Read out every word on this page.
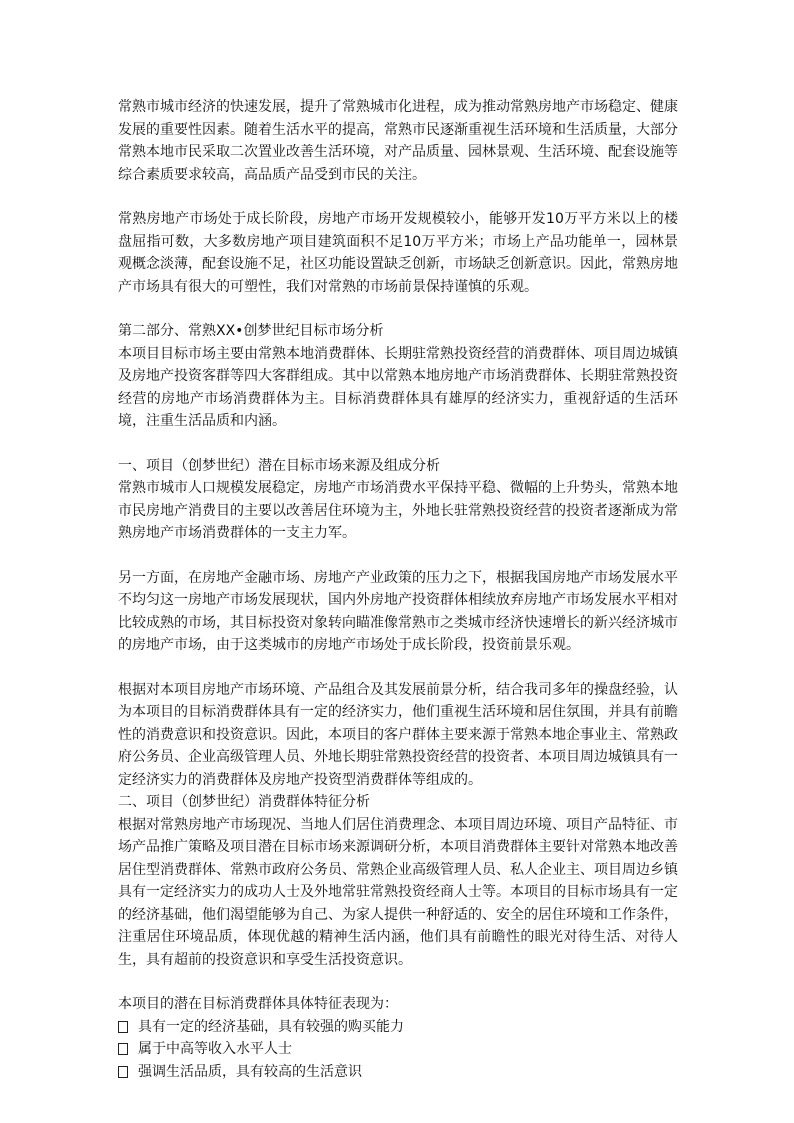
常熟市城市经济的快速发展，提升了常熟城市化进程，成为推动常熟房地产市场稳定、健康发展的重要性因素。随着生活水平的提高，常熟市民逐渐重视生活环境和生活质量，大部分常熟本地市民采取二次置业改善生活环境，对产品质量、园林景观、生活环境、配套设施等综合素质要求较高，高品质产品受到市民的关注。

常熟房地产市场处于成长阶段，房地产市场开发规模较小，能够开发10万平方米以上的楼盘屈指可数，大多数房地产项目建筑面积不足10万平方米；市场上产品功能单一，园林景观概念淡薄，配套设施不足，社区功能设置缺乏创新，市场缺乏创新意识。因此，常熟房地产市场具有很大的可塑性，我们对常熟的市场前景保持谨慎的乐观。

第二部分、常熟XX•创梦世纪目标市场分析

本项目目标市场主要由常熟本地消费群体、长期驻常熟投资经营的消费群体、项目周边城镇及房地产投资客群等四大客群组成。其中以常熟本地房地产市场消费群体、长期驻常熟投资经营的房地产市场消费群体为主。目标消费群体具有雄厚的经济实力，重视舒适的生活环境，注重生活品质和内涵。

一、项目（创梦世纪）潜在目标市场来源及组成分析

常熟市城市人口规模发展稳定，房地产市场消费水平保持平稳、微幅的上升势头，常熟本地市民房地产消费目的主要以改善居住环境为主，外地长驻常熟投资经营的投资者逐渐成为常熟房地产市场消费群体的一支主力军。

另一方面，在房地产金融市场、房地产产业政策的压力之下，根据我国房地产市场发展水平不均匀这一房地产市场发展现状，国内外房地产投资群体相续放弃房地产市场发展水平相对比较成熟的市场，其目标投资对象转向瞄准像常熟市之类城市经济快速增长的新兴经济城市的房地产市场，由于这类城市的房地产市场处于成长阶段，投资前景乐观。

根据对本项目房地产市场环境、产品组合及其发展前景分析，结合我司多年的操盘经验，认为本项目的目标消费群体具有一定的经济实力，他们重视生活环境和居住氛围，并具有前瞻性的消费意识和投资意识。因此，本项目的客户群体主要来源于常熟本地企事业主、常熟政府公务员、企业高级管理人员、外地长期驻常熟投资经营的投资者、本项目周边城镇具有一定经济实力的消费群体及房地产投资型消费群体等组成的。

二、项目（创梦世纪）消费群体特征分析

根据对常熟房地产市场现况、当地人们居住消费理念、本项目周边环境、项目产品特征、市场产品推广策略及项目潜在目标市场来源调研分析，本项目消费群体主要针对常熟本地改善居住型消费群体、常熟市政府公务员、常熟企业高级管理人员、私人企业主、项目周边乡镇具有一定经济实力的成功人士及外地常驻常熟投资经商人士等。本项目的目标市场具有一定的经济基础，他们渴望能够为自己、为家人提供一种舒适的、安全的居住环境和工作条件，注重居住环境品质，体现优越的精神生活内涵，他们具有前瞻性的眼光对待生活、对待人生，具有超前的投资意识和享受生活投资意识。

本项目的潜在目标消费群体具体特征表现为：

具有一定的经济基础，具有较强的购买能力
属于中高等收入水平人士
强调生活品质，具有较高的生活意识
